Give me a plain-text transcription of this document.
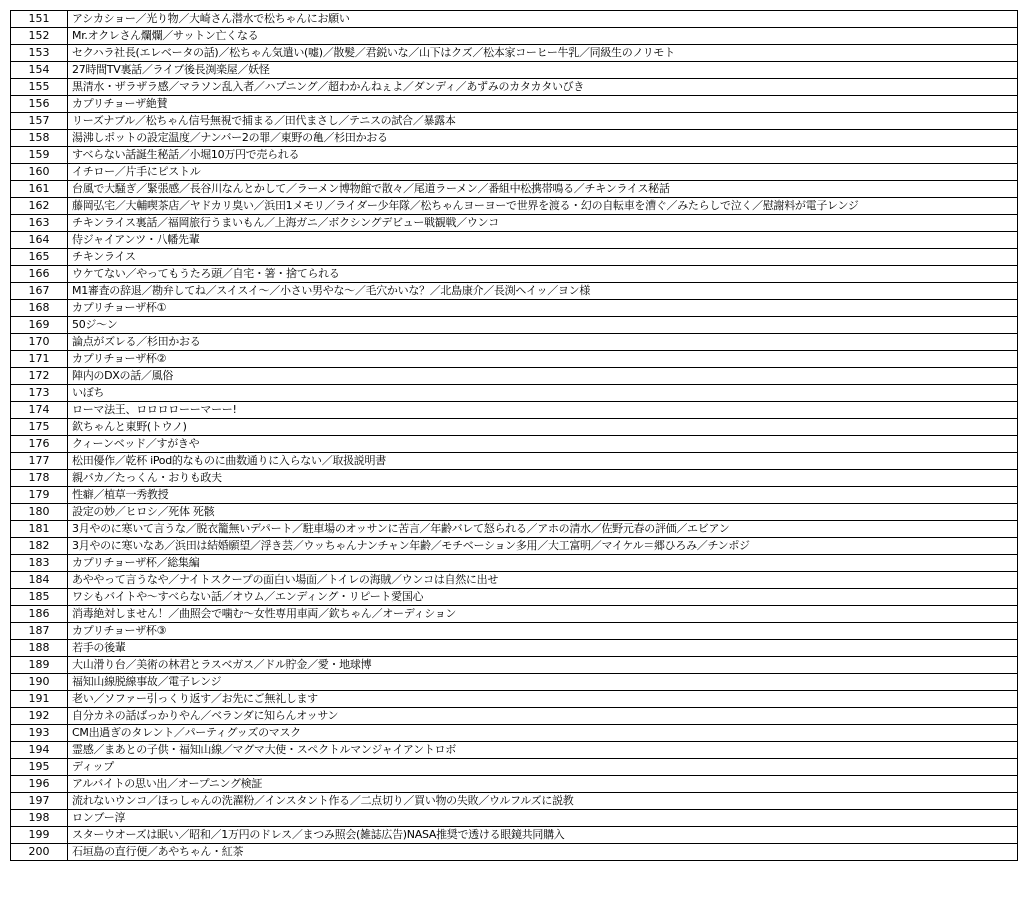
151	アシカショー／光り物／大崎さん潜水で松ちゃんにお願い
152	Mr.オクレさん爛爛／サットン亡くなる
153	セクハラ社長(エレベータの話)／松ちゃん気遣い(嘘)／散髪／君鋭いな／山下はクズ／松本家コーヒー牛乳／同級生のノリモト
154	27時間TV裏話／ライブ後長渕楽屋／妖怪
155	黒清水・ザラザラ感／マラソン乱入者／ハプニング／超わかんねぇよ／ダンディ／あずみのカタカタいびき
156	カプリチョーザ絶賛
157	リーズナブル／松ちゃん信号無視で捕まる／田代まさし／テニスの試合／暴露本
158	湯沸しポットの設定温度／ナンバー2の罪／東野の亀／杉田かおる
159	すべらない話誕生秘話／小堀10万円で売られる
160	イチロー／片手にピストル
161	台風で大騒ぎ／緊張感／長谷川なんとかして／ラーメン博物館で散々／尾道ラーメン／番組中松携帯鳴る／チキンライス秘話
162	藤岡弘宅／大輔喫茶店／ヤドカリ臭い／浜田1メモリ／ライダー少年隊／松ちゃんヨーヨーで世界を渡る・幻の自転車を漕ぐ／みたらしで泣く／慰謝料が電子レンジ
163	チキンライス裏話／福岡旅行うまいもん／上海ガニ／ボクシングデビュー戦観戦／ウンコ
164	侍ジャイアンツ・八幡先輩
165	チキンライス
166	ウケてない／やってもうたろ頭／自宅・箸・捨てられる
167	M1審査の辞退／勘弁してね／スイスイ〜／小さい男やな〜／毛穴かいな？／北島康介／長渕ヘイッ／ヨン様
168	カプリチョーザ杯①
169	50ジ〜ン
170	論点がズレる／杉田かおる
171	カプリチョーザ杯②
172	陣内のDXの話／風俗
173	いぼち
174	ローマ法王、ロロロローーマーー!
175	欽ちゃんと東野(トウノ)
176	クィーンベッド／すがきや
177	松田優作／乾杯 iPod的なものに曲数通りに入らない／取扱説明書
178	親バカ／たっくん・おりも政夫
179	性癖／植草一秀教授
180	設定の妙／ヒロシ／死体 死骸
181	3月やのに寒いて言うな／脱衣籠無いデパート／駐車場のオッサンに苦言／年齢バレて怒られる／アホの清水／佐野元春の評価／エビアン
182	3月やのに寒いなあ／浜田は結婚願望／浮き芸／ウッちゃんナンチャン年齢／モチベーション多用／大工富明／マイケル＝郷ひろみ／チンポジ
183	カプリチョーザ杯／総集編
184	あややって言うなや／ナイトスクープの面白い場面／トイレの海賊／ウンコは自然に出せ
185	ワシもバイトや〜すべらない話／オウム／エンディング・リピート愛国心
186	消毒絶対しません！／曲照会で噛む〜女性専用車両／欽ちゃん／オーディション
187	カプリチョーザ杯③
188	若手の後輩
189	大山滑り台／美術の林君とラスベガス／ドル貯金／愛・地球博
190	福知山線脱線事故／電子レンジ
191	老い／ソファー引っくり返す／お先にご無礼します
192	自分カネの話ばっかりやん／ベランダに知らんオッサン
193	CM出過ぎのタレント／パーティグッズのマスク
194	霊感／まあとの子供・福知山線／マグマ大使・スペクトルマンジャイアントロボ
195	ディップ
196	アルバイトの思い出／オープニング検証
197	流れないウンコ／ほっしゃんの洗濯粉／インスタント作る／二点切り／買い物の失敗／ウルフルズに説教
198	ロンブー淳
199	スターウオーズは眠い／昭和／1万円のドレス／まつみ照会(雑誌広告)NASA推奨で透ける眼鏡共同購入
200	石垣島の直行便／あやちゃん・紅茶
